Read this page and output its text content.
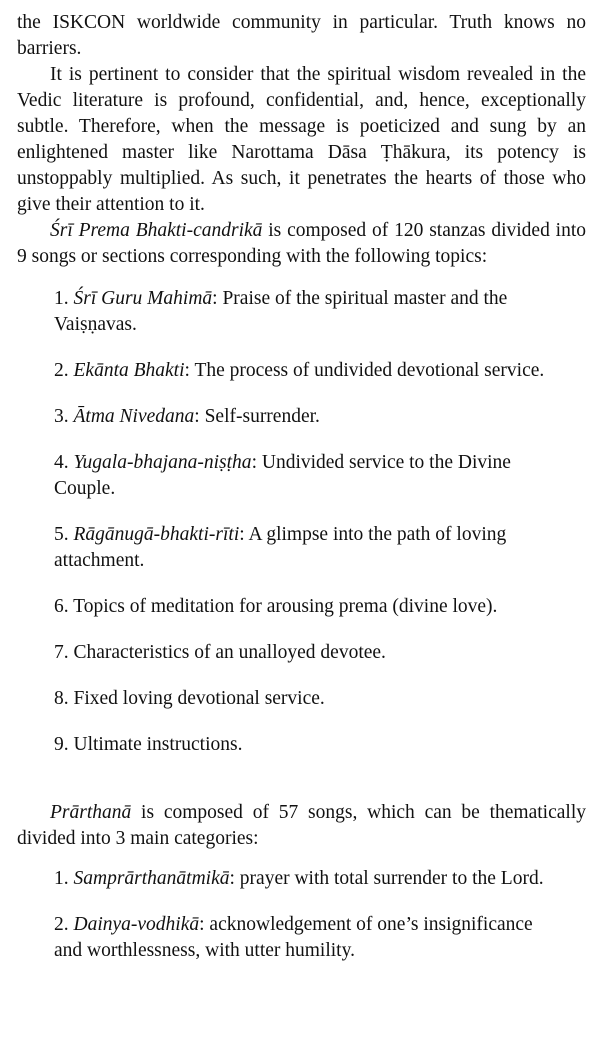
the ISKCON worldwide community in particular. Truth knows no barriers.

It is pertinent to consider that the spiritual wisdom revealed in the Vedic literature is profound, confidential, and, hence, exceptionally subtle. Therefore, when the message is poeticized and sung by an enlightened master like Narottama Dāsa Ṭhākura, its potency is unstoppably multiplied. As such, it penetrates the hearts of those who give their attention to it.

Śrī Prema Bhakti-candrikā is composed of 120 stanzas divided into 9 songs or sections corresponding with the following topics:

1. Śrī Guru Mahimā: Praise of the spiritual master and the Vaiṣṇavas.
2. Ekānta Bhakti: The process of undivided devotional service.
3. Ātma Nivedana: Self-surrender.
4. Yugala-bhajana-niṣṭha: Undivided service to the Divine Couple.
5. Rāgānugā-bhakti-rīti: A glimpse into the path of loving attachment.
6. Topics of meditation for arousing prema (divine love).
7. Characteristics of an unalloyed devotee.
8. Fixed loving devotional service.
9. Ultimate instructions.

Prārthanā is composed of 57 songs, which can be thematically divided into 3 main categories:

1. Samprārthanātmikā: prayer with total surrender to the Lord.
2. Dainya-vodhikā: acknowledgement of one’s insignificance and worthlessness, with utter humility.
